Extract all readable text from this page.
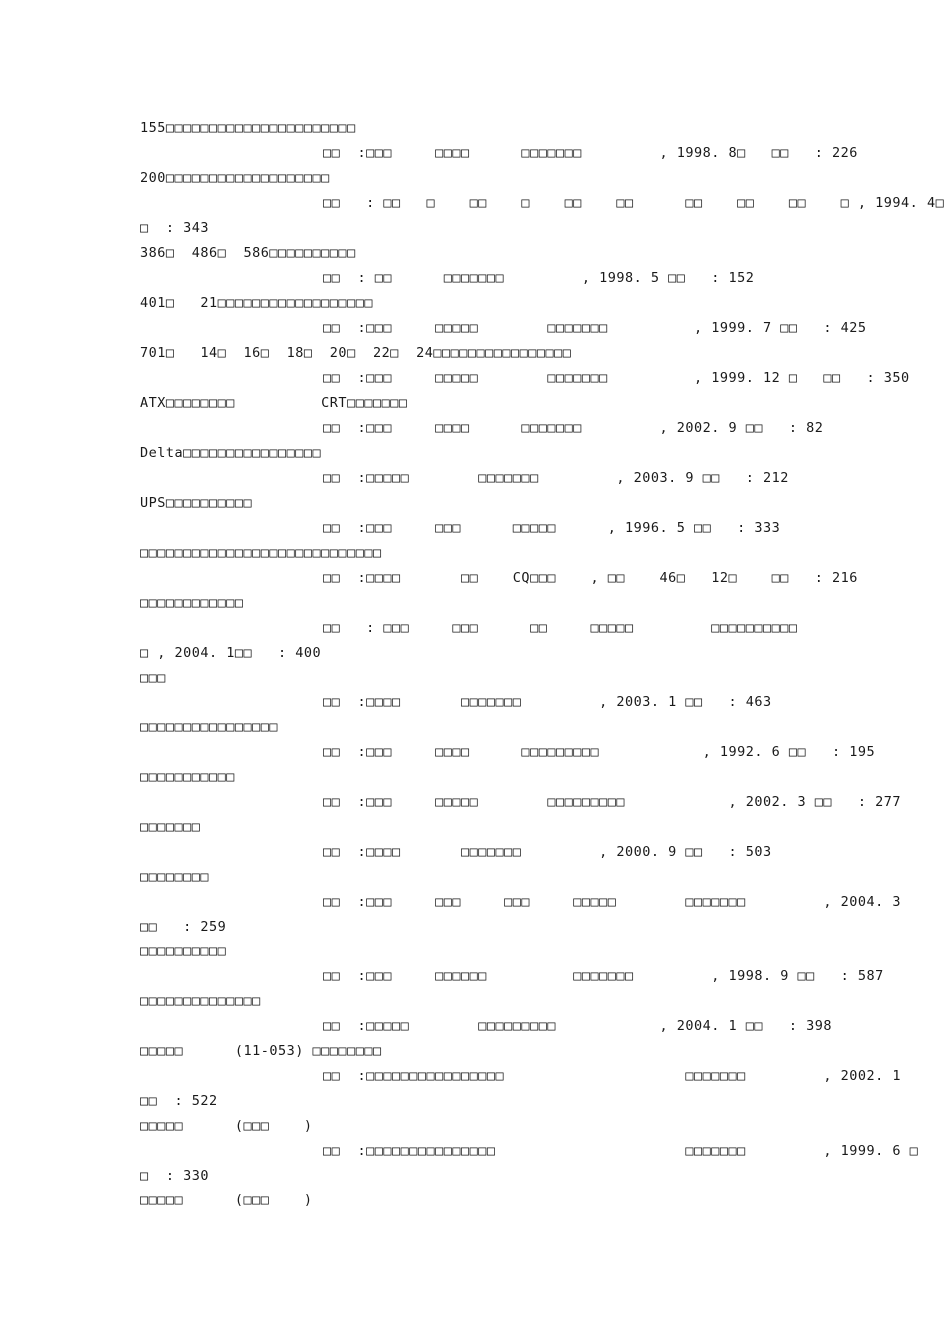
155□□□□□□□□□□□□□□□□□□□□□□
□□  :□□□     □□□□      □□□□□□□         , 1998. 8□   □□   : 226
200□□□□□□□□□□□□□□□□□□□
□□   : □□   □    □□    □    □□    □□      □□    □□    □□    □ , 1994. 4□
□  : 343
386□  486□  586□□□□□□□□□□
□□  : □□      □□□□□□□         , 1998. 5 □□   : 152
401□   21□□□□□□□□□□□□□□□□□□
□□  :□□□     □□□□□        □□□□□□□          , 1999. 7 □□   : 425
701□   14□  16□  18□  20□  22□  24□□□□□□□□□□□□□□□□
□□  :□□□     □□□□□        □□□□□□□          , 1999. 12 □   □□   : 350
ATX□□□□□□□□          CRT□□□□□□□
□□  :□□□     □□□□      □□□□□□□         , 2002. 9 □□   : 82
Delta□□□□□□□□□□□□□□□□
□□  :□□□□□        □□□□□□□         , 2003. 9 □□   : 212
UPS□□□□□□□□□□
□□  :□□□     □□□      □□□□□      , 1996. 5 □□   : 333
□□□□□□□□□□□□□□□□□□□□□□□□□□□□
□□  :□□□□       □□    CQ□□□    , □□    46□   12□    □□   : 216
□□□□□□□□□□□□
□□   : □□□     □□□      □□     □□□□□         □□□□□□□□□□
□ , 2004. 1□□   : 400
□□□
□□  :□□□□       □□□□□□□         , 2003. 1 □□   : 463
□□□□□□□□□□□□□□□□
□□  :□□□     □□□□      □□□□□□□□□            , 1992. 6 □□   : 195
□□□□□□□□□□□
□□  :□□□     □□□□□        □□□□□□□□□            , 2002. 3 □□   : 277
□□□□□□□
□□  :□□□□       □□□□□□□         , 2000. 9 □□   : 503
□□□□□□□□
□□  :□□□     □□□     □□□     □□□□□        □□□□□□□         , 2004. 3
□□   : 259
□□□□□□□□□□
□□  :□□□     □□□□□□          □□□□□□□         , 1998. 9 □□   : 587
□□□□□□□□□□□□□□
□□  :□□□□□        □□□□□□□□□            , 2004. 1 □□   : 398
□□□□□      (11-053) □□□□□□□□
□□  :□□□□□□□□□□□□□□□□                     □□□□□□□         , 2002. 1
□□  : 522
□□□□□      (□□□    )
□□  :□□□□□□□□□□□□□□□                      □□□□□□□         , 1999. 6 □
□  : 330
□□□□□      (□□□    )
